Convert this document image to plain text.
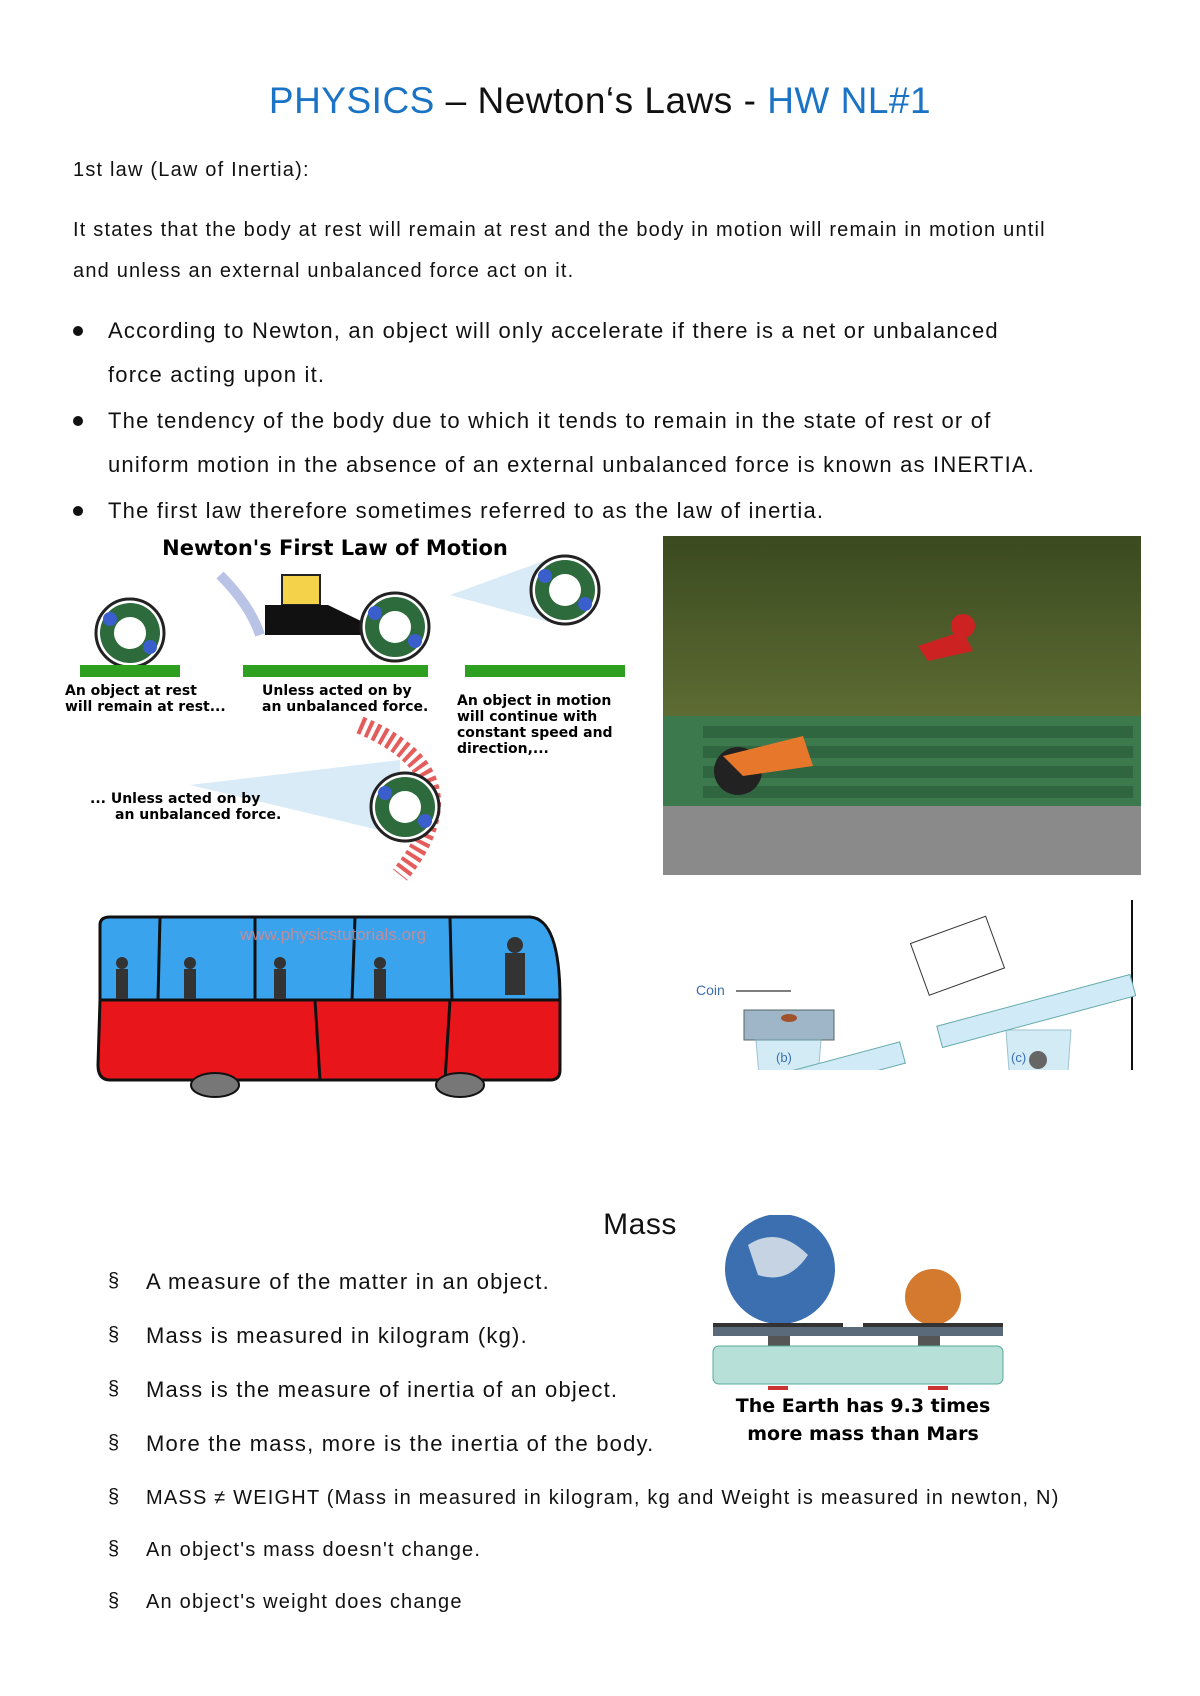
PHYSICS – Newton‘s Laws - HW NL#1
1st law (Law of Inertia):
It states that the body at rest will remain at rest and the body in motion will remain in motion until
and unless an external unbalanced force act on it.
According to Newton, an object will only accelerate if there is a net or unbalanced
force acting upon it.
The tendency of the body due to which it tends to remain in the state of rest or of
uniform motion in the absence of an external unbalanced force is known as INERTIA.
The first law therefore sometimes referred to as the law of inertia.
Newton's First Law of Motion
An object at rest
will remain at rest...
Unless acted on by
an unbalanced force. An object in motion
will continue with
constant speed and
direction,...
... Unless acted on by
an unbalanced force.
www.physicstutorials.org
Coin
(b)	(c)
Mass
§ A measure of the matter in an object.
§ Mass is measured in kilogram (kg).
§ Mass is the measure of inertia of an object.
§ More the mass, more is the inertia of the body.
§ MASS ≠ WEIGHT (Mass in measured in kilogram, kg and Weight is measured in newton, N)
§ An object's mass doesn't change.
§ An object's weight does change
The Earth has 9.3 times
more mass than Mars
